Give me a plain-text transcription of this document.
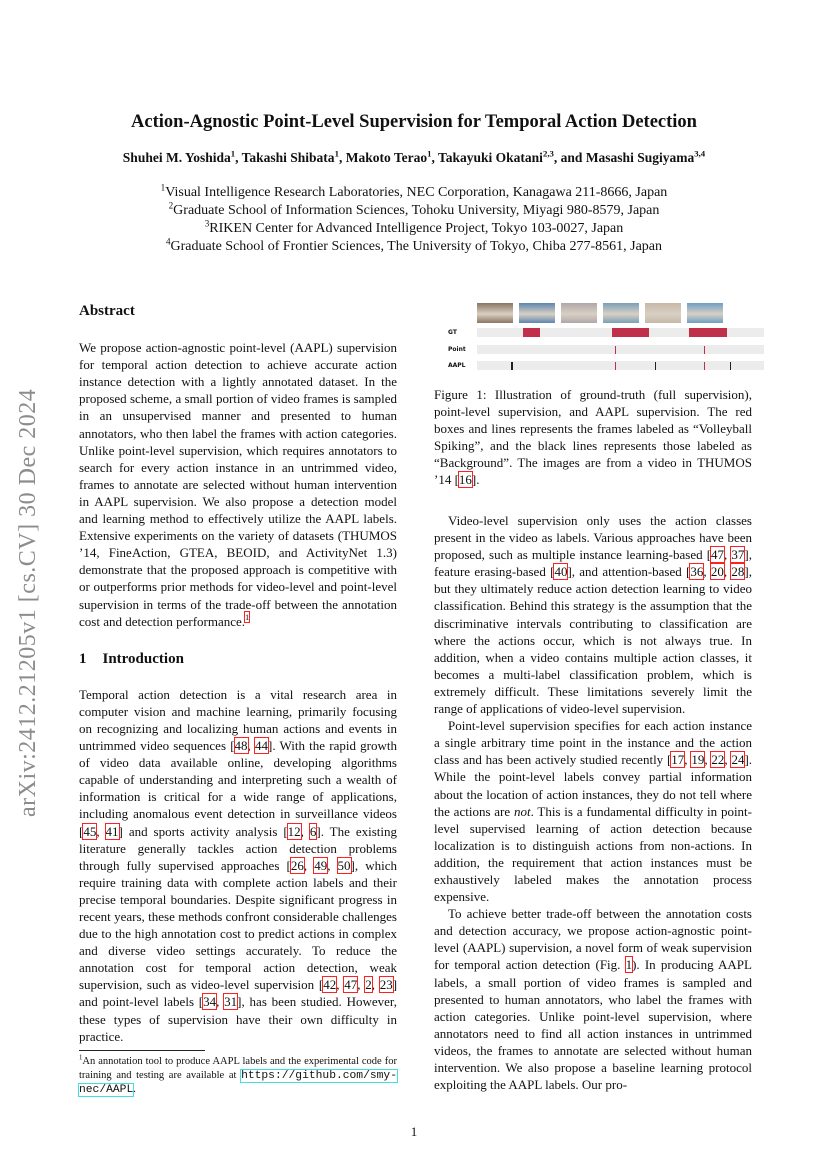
arXiv:2412.21205v1 [cs.CV] 30 Dec 2024
Action-Agnostic Point-Level Supervision for Temporal Action Detection
Shuhei M. Yoshida$^1$, Takashi Shibata$^1$, Makoto Terao$^1$, Takayuki Okatani$^{2,3}$, and Masashi Sugiyama$^{3,4}$
$^1$Visual Intelligence Research Laboratories, NEC Corporation, Kanagawa 211-8666, Japan
$^2$Graduate School of Information Sciences, Tohoku University, Miyagi 980-8579, Japan
$^3$RIKEN Center for Advanced Intelligence Project, Tokyo 103-0027, Japan
$^4$Graduate School of Frontier Sciences, The University of Tokyo, Chiba 277-8561, Japan
Abstract

We propose action-agnostic point-level (AAPL) supervision for temporal action detection to achieve accurate action instance detection with a lightly annotated dataset. In the proposed scheme, a small portion of video frames is sampled in an unsupervised manner and presented to human annotators, who then label the frames with action categories. Unlike point-level supervision, which requires annotators to search for every action instance in an untrimmed video, frames to annotate are selected without human intervention in AAPL supervision. We also propose a detection model and learning method to effectively utilize the AAPL labels. Extensive experiments on the variety of datasets (THUMOS ’14, FineAction, GTEA, BEOID, and ActivityNet 1.3) demonstrate that the proposed approach is competitive with or outperforms prior methods for video-level and point-level supervision in terms of the trade-off between the annotation cost and detection performance.$^1$

1 Introduction

Temporal action detection is a vital research area in computer vision and machine learning, primarily focusing on recognizing and localizing human actions and events in untrimmed video sequences [48, 44]. With the rapid growth of video data available online, developing algorithms capable of understanding and interpreting such a wealth of information is critical for a wide range of applications, including anomalous event detection in surveillance videos [45, 41] and sports activity analysis [12, 6]. The existing literature generally tackles action detection problems through fully supervised approaches [26, 49, 50], which require training data with complete action labels and their precise temporal boundaries. Despite significant progress in recent years, these methods confront considerable challenges due to the high annotation cost to predict actions in complex and diverse video settings accurately. To reduce the annotation cost for temporal action detection, weak supervision, such as video-level supervision [42, 47, 2, 23] and point-level labels [34, 31], has been studied. However, these types of supervision have their own difficulty in practice.

GT
Point
AAPL
Figure 1: Illustration of ground-truth (full supervision), point-level supervision, and AAPL supervision. The red boxes and lines represents the frames labeled as “Volleyball Spiking”, and the black lines represents those labeled as “Background”. The images are from a video in THUMOS ’14 [16].

Video-level supervision only uses the action classes present in the video as labels. Various approaches have been proposed, such as multiple instance learning-based [47, 37], feature erasing-based [40], and attention-based [36, 20, 28], but they ultimately reduce action detection learning to video classification. Behind this strategy is the assumption that the discriminative intervals contributing to classification are where the actions occur, which is not always true. In addition, when a video contains multiple action classes, it becomes a multi-label classification problem, which is extremely difficult. These limitations severely limit the range of applications of video-level supervision.

Point-level supervision specifies for each action instance a single arbitrary time point in the instance and the action class and has been actively studied recently [17, 19, 22, 24]. While the point-level labels convey partial information about the location of action instances, they do not tell where the actions are not. This is a fundamental difficulty in point-level supervised learning of action detection because localization is to distinguish actions from non-actions. In addition, the requirement that action instances must be exhaustively labeled makes the annotation process expensive.

To achieve better trade-off between the annotation costs and detection accuracy, we propose action-agnostic point-level (AAPL) supervision, a novel form of weak supervision for temporal action detection (Fig. 1). In producing AAPL labels, a small portion of video frames is sampled and presented to human annotators, who label the frames with action categories. Unlike point-level supervision, where annotators need to find all action instances in untrimmed videos, the frames to annotate are selected without human intervention. We also propose a baseline learning protocol exploiting the AAPL labels. Our pro-

$^1$An annotation tool to produce AAPL labels and the experimental code for training and testing are available at https://github.com/smy-nec/AAPL.
1
